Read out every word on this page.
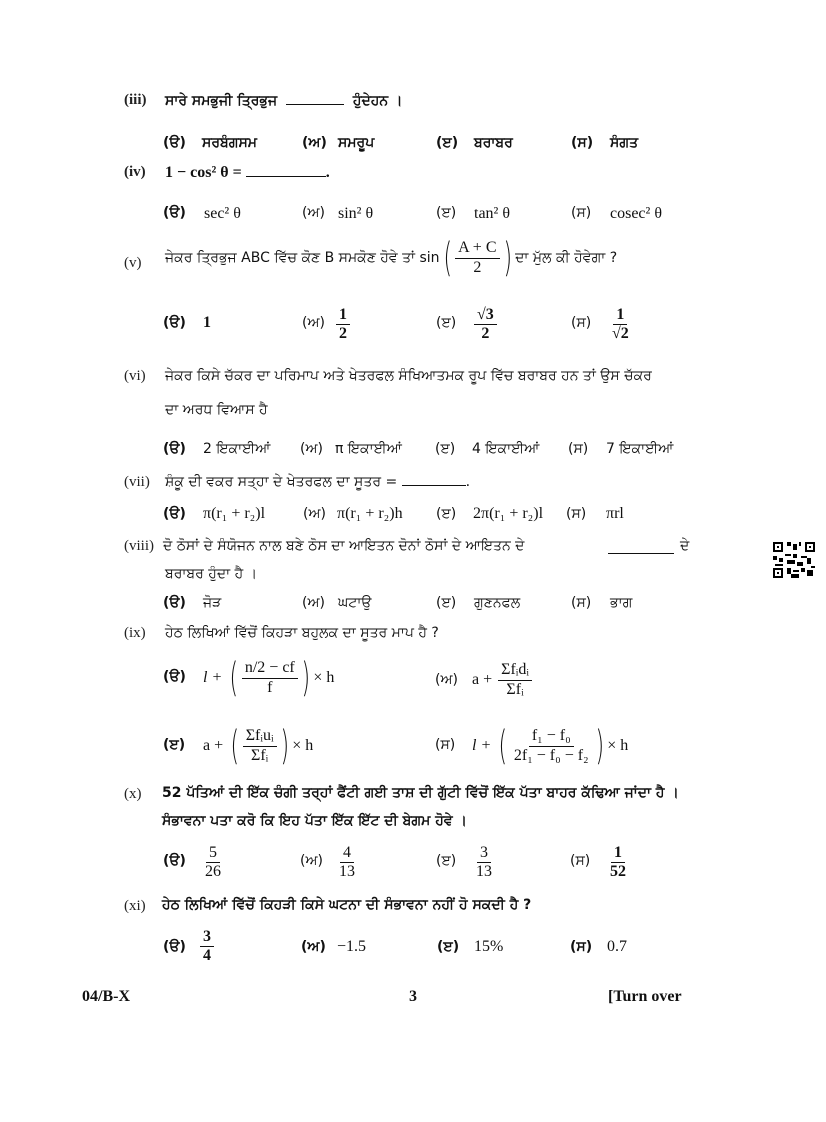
(iii) ਸਾਰੇ ਸਮਭੁਜੀ ਤ੍ਰਿਭੁਜ	ਹੁੰਦੇਹਨ ।
(ੳ) ਸਰਬੰਗਸਮ	(ਅ) ਸਮਰੂਪ	(ੲ) ਬਰਾਬਰ	(ਸ) ਸੰਗਤ
(iv) 1 − cos² θ =	.
(ੳ) sec² θ	(ਅ) sin² θ	(ੲ) tan² θ	(ਸ) cosec² θ
(v) ਜੇਕਰ ਤ੍ਰਿਭੁਜ ABC ਵਿੱਚ ਕੋਣ B ਸਮਕੋਣ ਹੋਵੇ ਤਾਂ sin ( $\frac{A + C}{2}$ ) ਦਾ ਮੁੱਲ ਕੀ ਹੋਵੇਗਾ ?
(ੳ) 1	(ਅ) $\frac{1}{2}$	(ੲ) $\frac{√3}{2}$	(ਸ) $\frac{1}{√2}$
(vi) ਜੇਕਰ ਕਿਸੇ ਚੱਕਰ ਦਾ ਪਰਿਮਾਪ ਅਤੇ ਖੇਤਰਫਲ ਸੰਖਿਆਤਮਕ ਰੂਪ ਵਿੱਚ ਬਰਾਬਰ ਹਨ ਤਾਂ ਉਸ ਚੱਕਰ
ਦਾ ਅਰਧ ਵਿਆਸ ਹੈ
(ੳ) 2 ਇਕਾਈਆਂ (ਅ) π ਇਕਾਈਆਂ (ੲ) 4 ਇਕਾਈਆਂ (ਸ) 7 ਇਕਾਈਆਂ
(vii) ਸ਼ੰਕੂ ਦੀ ਵਕਰ ਸਤ੍ਹਾ ਦੇ ਖੇਤਰਫਲ ਦਾ ਸੂਤਰ =	.
(ੳ) π(r₁ + r₂)l	(ਅ) π(r₁ + r₂)h (ੲ) 2π(r₁ + r₂)l (ਸ) πrl
(viii) ਦੋ ਠੋਸਾਂ ਦੇ ਸੰਯੋਜਨ ਨਾਲ ਬਣੇ ਠੋਸ ਦਾ ਆਇਤਨ ਦੋਨਾਂ ਠੋਸਾਂ ਦੇ ਆਇਤਨ ਦੇ	ਦੇ
ਬਰਾਬਰ ਹੁੰਦਾ ਹੈ ।
(ੳ) ਜੋੜ	(ਅ) ਘਟਾਉ	(ੲ) ਗੁਣਨਫਲ	(ਸ) ਭਾਗ
(ix) ਹੇਠ ਲਿਖਿਆਂ ਵਿੱਚੋਂ ਕਿਹੜਾ ਬਹੁਲਕ ਦਾ ਸੂਤਰ ਮਾਪ ਹੈ ?
(ੳ) l + ( $\frac{n/2 - cf}{f}$ ) × h	(ਅ) $a + \frac{\text{Σfᵢdᵢ}}{\text{Σfᵢ}}$
(ੲ) a + ( $\frac{\text{Σfᵢuᵢ}}{\text{Σfᵢ}}$ ) × h	(ਸ) l + ( $\frac{\text{f₁ − f₀}}{\text{2f₁ − f₀ − f₂}}$ ) × h
(x) 52 ਪੱਤਿਆਂ ਦੀ ਇੱਕ ਚੰਗੀ ਤਰ੍ਹਾਂ ਫੈਂਟੀ ਗਈ ਤਾਸ਼ ਦੀ ਗੁੱਟੀ ਵਿੱਚੋਂ ਇੱਕ ਪੱਤਾ ਬਾਹਰ ਕੱਢਿਆ ਜਾਂਦਾ ਹੈ ।
ਸੰਭਾਵਨਾ ਪਤਾ ਕਰੋ ਕਿ ਇਹ ਪੱਤਾ ਇੱਕ ਇੱਟ ਦੀ ਬੇਗਮ ਹੋਵੇ ।
(ੳ) $\frac{5}{26}$	(ਅ) $\frac{4}{13}$	(ੲ) $\frac{3}{13}$	(ਸ) $\frac{1}{52}$
(xi) ਹੇਠ ਲਿਖਿਆਂ ਵਿੱਚੋਂ ਕਿਹੜੀ ਕਿਸੇ ਘਟਨਾ ਦੀ ਸੰਭਾਵਨਾ ਨਹੀਂ ਹੋ ਸਕਦੀ ਹੈ ?
(ੳ) $\frac{3}{4}$	(ਅ) −1.5	(ੲ) 15%	(ਸ) 0.7
04/B-X	3	[Turn over
